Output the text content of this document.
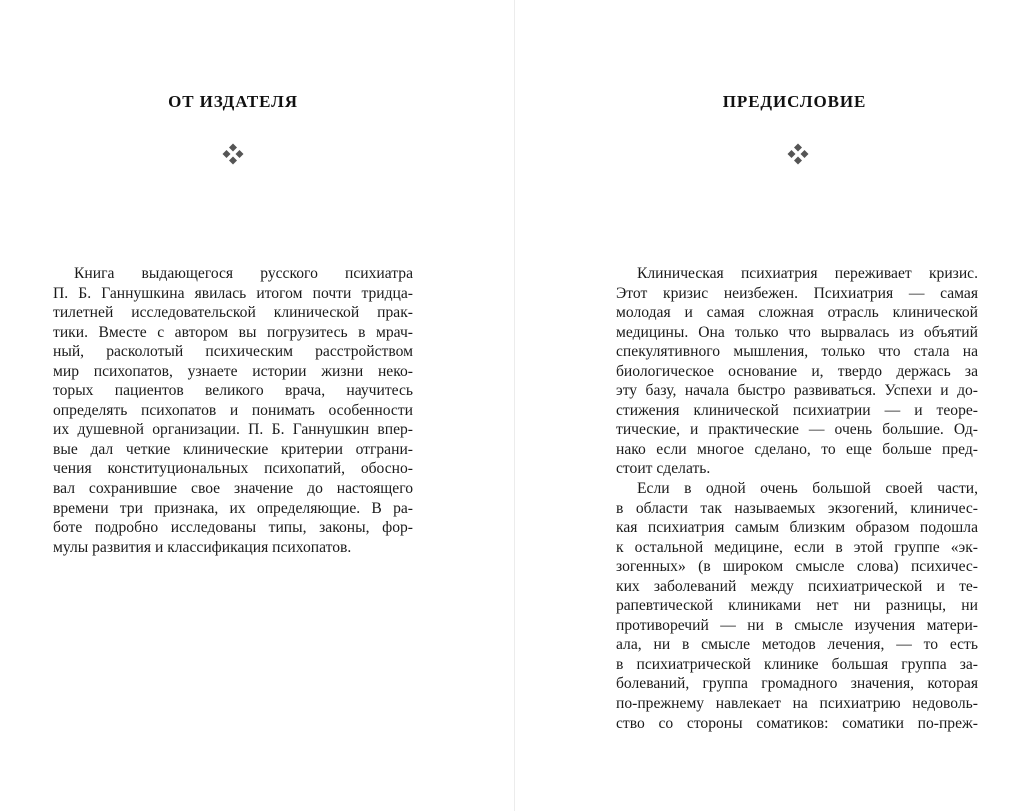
ОТ ИЗДАТЕЛЯ

Книга выдающегося русского психиатра
П. Б. Ганнушкина явилась итогом почти тридца-
тилетней исследовательской клинической прак-
тики. Вместе с автором вы погрузитесь в мрач-
ный, расколотый психическим расстройством
мир психопатов, узнаете истории жизни неко-
торых пациентов великого врача, научитесь
определять психопатов и понимать особенности
их душевной организации. П. Б. Ганнушкин впер-
вые дал четкие клинические критерии отграни-
чения конституциональных психопатий, обосно-
вал сохранившие свое значение до настоящего
времени три признака, их определяющие. В ра-
боте подробно исследованы типы, законы, фор-
мулы развития и классификация психопатов.

ПРЕДИСЛОВИЕ

Клиническая психиатрия переживает кризис.
Этот кризис неизбежен. Психиатрия — самая
молодая и самая сложная отрасль клинической
медицины. Она только что вырвалась из объятий
спекулятивного мышления, только что стала на
биологическое основание и, твердо держась за
эту базу, начала быстро развиваться. Успехи и до-
стижения клинической психиатрии — и теоре-
тические, и практические — очень большие. Од-
нако если многое сделано, то еще больше пред-
стоит сделать.

Если в одной очень большой своей части,
в области так называемых экзогений, клиничес-
кая психиатрия самым близким образом подошла
к остальной медицине, если в этой группе «эк-
зогенных» (в широком смысле слова) психичес-
ких заболеваний между психиатрической и те-
рапевтической клиниками нет ни разницы, ни
противоречий — ни в смысле изучения матери-
ала, ни в смысле методов лечения, — то есть
в психиатрической клинике большая группа за-
болеваний, группа громадного значения, которая
по-прежнему навлекает на психиатрию недоволь-
ство со стороны соматиков: соматики по-преж-
